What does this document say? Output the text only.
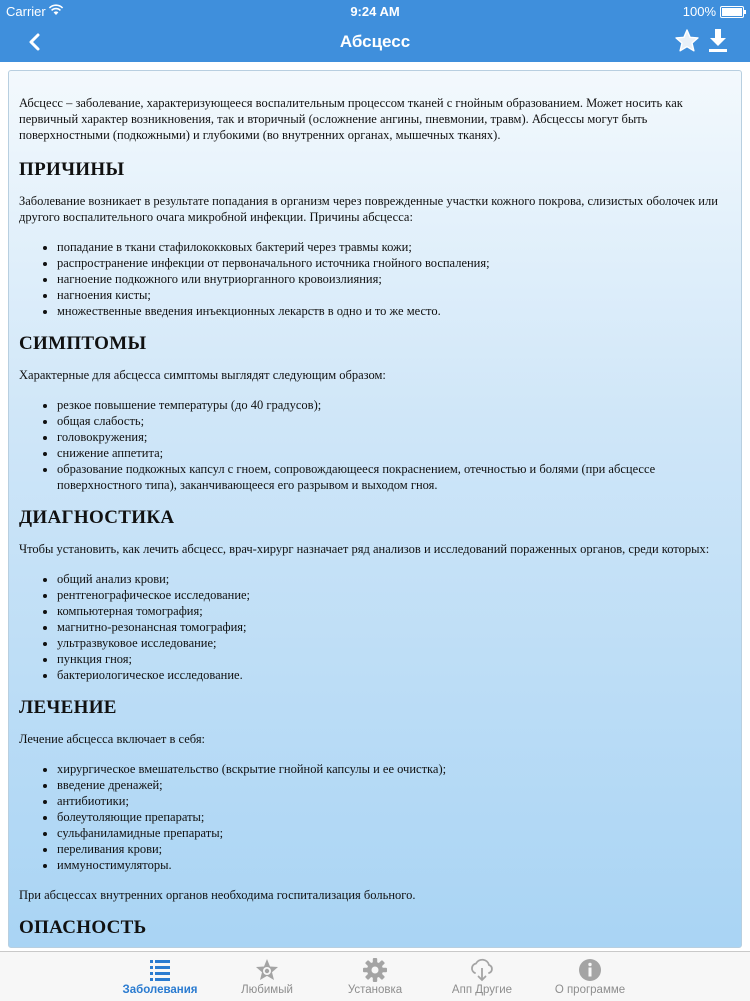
Carrier	9:24 AM	100%
Абсцесс

Абсцесс – заболевание, характеризующееся воспалительным процессом тканей с гнойным образованием. Может носить как первичный характер возникновения, так и вторичный (осложнение ангины, пневмонии, травм). Абсцессы могут быть поверхностными (подкожными) и глубокими (во внутренних органах, мышечных тканях).

ПРИЧИНЫ

Заболевание возникает в результате попадания в организм через поврежденные участки кожного покрова, слизистых оболочек или другого воспалительного очага микробной инфекции. Причины абсцесса:

• попадание в ткани стафилококковых бактерий через травмы кожи;
• распространение инфекции от первоначального источника гнойного воспаления;
• нагноение подкожного или внутриорганного кровоизлияния;
• нагноения кисты;
• множественные введения инъекционных лекарств в одно и то же место.
СИМПТОМЫ

Характерные для абсцесса симптомы выглядят следующим образом:

• резкое повышение температуры (до 40 градусов);
• общая слабость;
• головокружения;
• снижение аппетита;
• образование подкожных капсул с гноем, сопровождающееся покраснением, отечностью и болями (при абсцессе поверхностного типа), заканчивающееся его разрывом и выходом гноя.
ДИАГНОСТИКА

Чтобы установить, как лечить абсцесс, врач-хирург назначает ряд анализов и исследований пораженных органов, среди которых:

• общий анализ крови;
• рентгенографическое исследование;
• компьютерная томография;
• магнитно-резонансная томография;
• ультразвуковое исследование;
• пункция гноя;
• бактериологическое исследование.
ЛЕЧЕНИЕ

Лечение абсцесса включает в себя:

• хирургическое вмешательство (вскрытие гнойной капсулы и ее очистка);
• введение дренажей;
• антибиотики;
• болеутоляющие препараты;
• сульфаниламидные препараты;
• переливания крови;
• иммуностимуляторы.

При абсцессах внутренних органов необходима госпитализация больного.

ОПАСНОСТЬ
Заболевания	Любимый	Установка	Апп Другие	О программе
